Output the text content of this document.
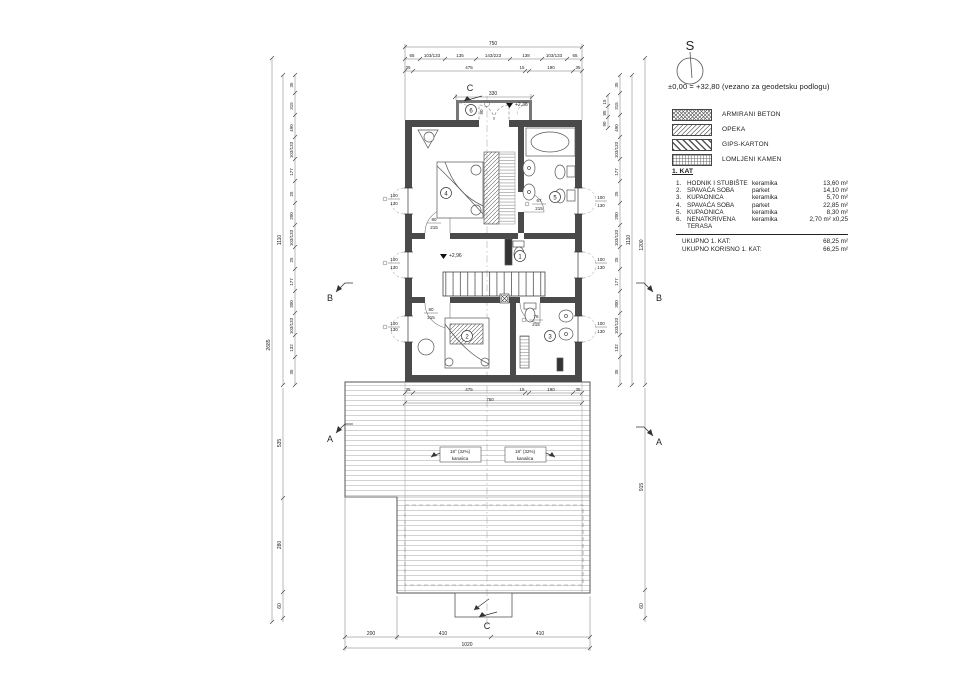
18° (32%)
kanalica
18° (32%)
kanalica
1
2	3
4
5
6
+2,36
+2,96
100
130
100
130
100
130
100
130
100
130
100
130
80
215
80
215
67
215
76
215
90
750
65 103/133	135	143/223	138	103/133 65
35	475	15	190	35
330
35	475	15	190	35
750
200	410	410
1020
2685
1110
35
315
490
103/133
177
25
200
103/133
25
177
300
103/133
132
35
535
280
60
15
85
90
35
315
490
103/133
177
25
200
103/133
25
177
300
103/133
132
35
1110 1200
915
60
C
C
B	B
A	A
S
±0,00 = +32,80 (vezano za geodetsku podlogu)
ARMIRANI BETON
OPEKA
GIPS-KARTON
LOMLJENI KAMEN
1. KAT
1. HODNIK I STUBIŠTE keramika	13,60 m²
2. SPAVAĆA SOBA	parket	14,10 m²
3. KUPAONICA	keramika	5,70 m²
4. SPAVAĆA SOBA	parket	22,85 m²
5. KUPAONICA	keramika	8,30 m²
6. NENATKRIVENA TERASA
keramika	2,70 m² x0,25
UKUPNO 1. KAT:	68,25 m²
UKUPNO KORISNO 1. KAT:	66,25 m²
